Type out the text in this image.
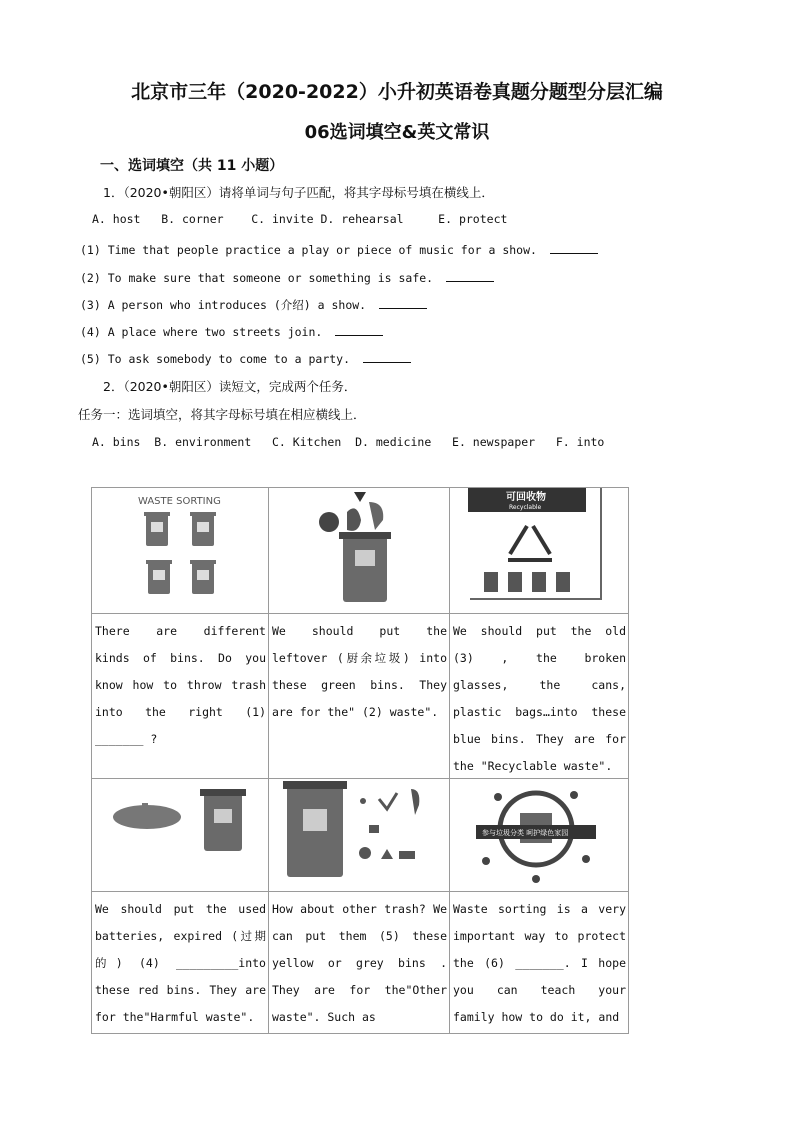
北京市三年（2020-2022）小升初英语卷真题分题型分层汇编
06选词填空&英文常识
一、选词填空（共 11 小题）
1．（2020•朝阳区）请将单词与句子匹配，将其字母标号填在横线上．
A. host   B. corner    C. invite D. rehearsal     E. protect
(1) Time that people practice a play or piece of music for a show.
(2) To make sure that someone or something is safe.
(3) A person who introduces (介绍) a show.
(4) A place where two streets join.
(5) To ask somebody to come to a party.
2．（2020•朝阳区）读短文，完成两个任务．
任务一：选词填空，将其字母标号填在相应横线上．
A. bins  B. environment   C. Kitchen  D. medicine   E. newspaper   F. into
WASTE SORTING		可回收物
Recyclable

There are different kinds of bins. Do you know how to throw trash into the right (1) _______ ?	We should put the leftover (厨余垃圾) into these green bins. They are for the" (2) waste".	We should put the old (3) , the broken glasses, the cans, plastic bags…into these blue bins. They are for the "Recyclable waste".

参与垃圾分类 呵护绿色家园

We should put the used batteries, expired (过期的) (4) _________into these red bins. They are for the"Harmful waste".	How about other trash? We can put them (5) these yellow or grey bins . They are for the"Other waste". Such as	Waste sorting is a very important way to protect the (6) _______. I hope you can teach your family how to do it, and
